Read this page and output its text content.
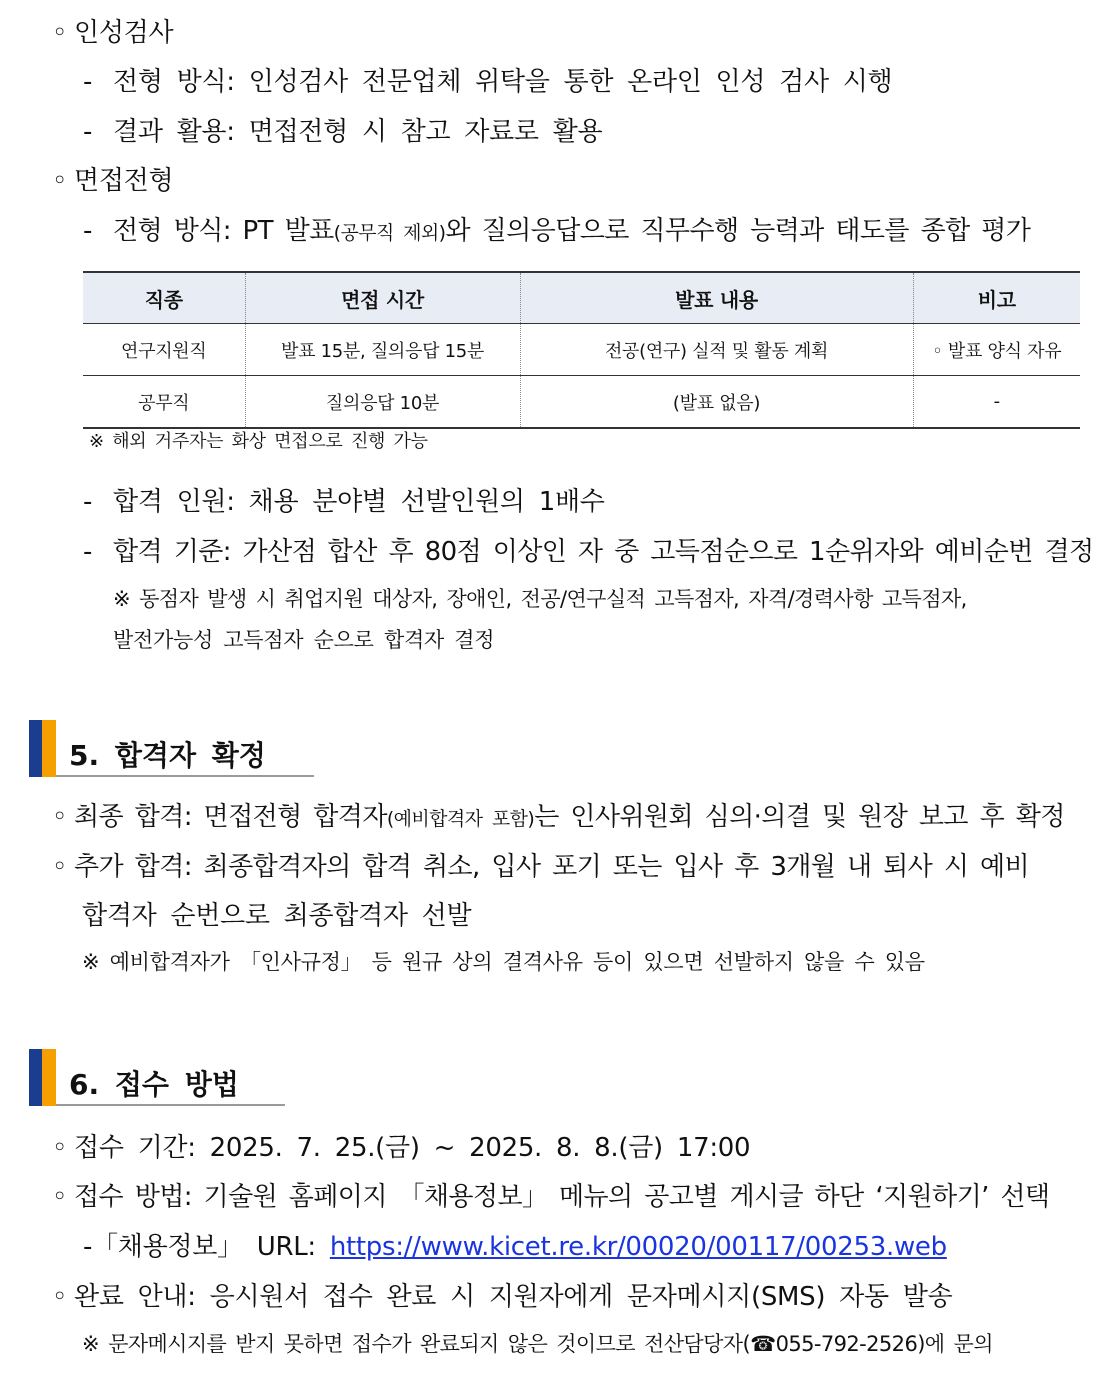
◦ 인성검사
- 전형 방식: 인성검사 전문업체 위탁을 통한 온라인 인성 검사 시행
- 결과 활용: 면접전형 시 참고 자료로 활용
◦ 면접전형
- 전형 방식: PT 발표(공무직 제외)와 질의응답으로 직무수행 능력과 태도를 종합 평가
직종	면접 시간	발표 내용	비고
연구지원직	발표 15분, 질의응답 15분	전공(연구) 실적 및 활동 계획	◦ 발표 양식 자유
공무직	질의응답 10분	(발표 없음)	-
※ 해외 거주자는 화상 면접으로 진행 가능
- 합격 인원: 채용 분야별 선발인원의 1배수
- 합격 기준: 가산점 합산 후 80점 이상인 자 중 고득점순으로 1순위자와 예비순번 결정
※ 동점자 발생 시 취업지원 대상자, 장애인, 전공/연구실적 고득점자, 자격/경력사항 고득점자,
발전가능성 고득점자 순으로 합격자 결정
5. 합격자 확정
◦ 최종 합격: 면접전형 합격자(예비합격자 포함)는 인사위원회 심의·의결 및 원장 보고 후 확정
◦ 추가 합격: 최종합격자의 합격 취소, 입사 포기 또는 입사 후 3개월 내 퇴사 시 예비
합격자 순번으로 최종합격자 선발
※ 예비합격자가 「인사규정」 등 원규 상의 결격사유 등이 있으면 선발하지 않을 수 있음
6. 접수 방법
◦ 접수 기간: 2025. 7. 25.(금) ~ 2025. 8. 8.(금) 17:00
◦ 접수 방법: 기술원 홈페이지 「채용정보」 메뉴의 공고별 게시글 하단 ‘지원하기’ 선택
-「채용정보」 URL: https://www.kicet.re.kr/00020/00117/00253.web
◦ 완료 안내: 응시원서 접수 완료 시 지원자에게 문자메시지(SMS) 자동 발송
※ 문자메시지를 받지 못하면 접수가 완료되지 않은 것이므로 전산담당자(☎055-792-2526)에 문의
